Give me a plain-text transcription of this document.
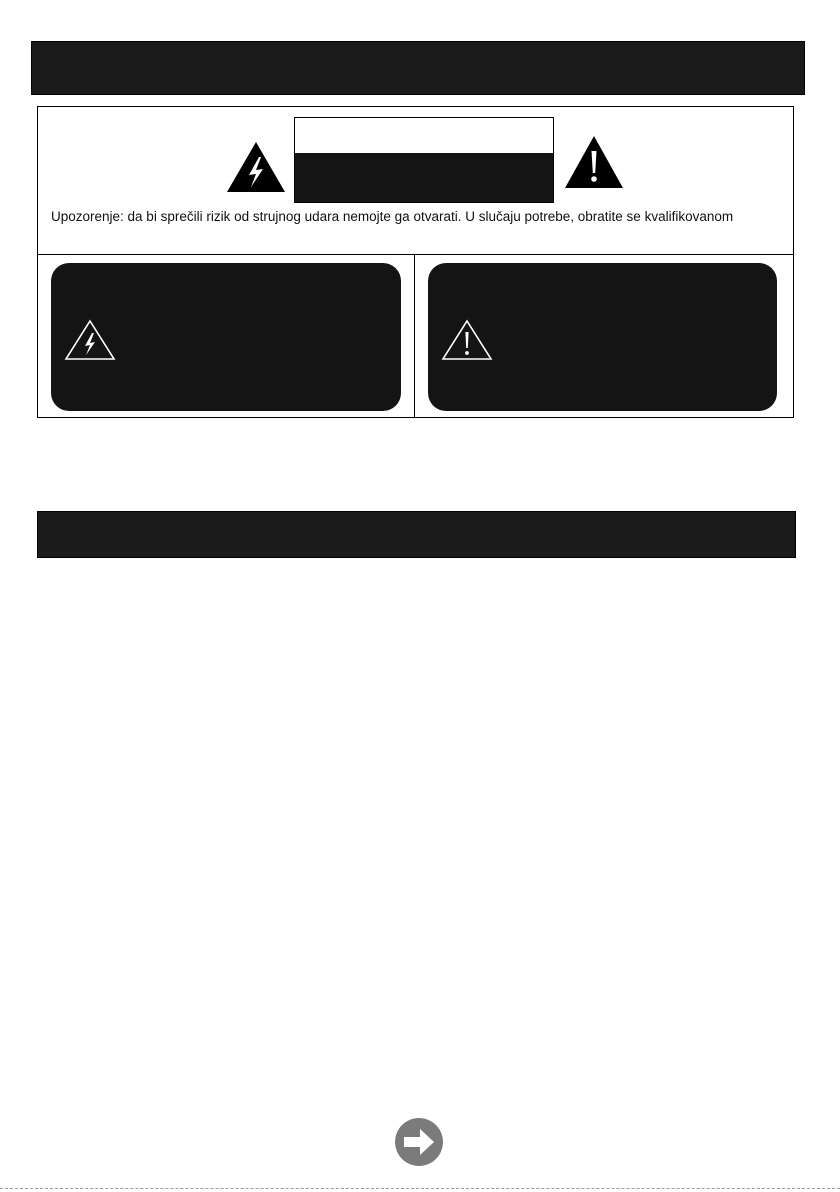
Upozorenje: da bi sprečili rizik od strujnog udara nemojte ga otvarati. U slučaju potrebe, obratite se kvalifikovanom
